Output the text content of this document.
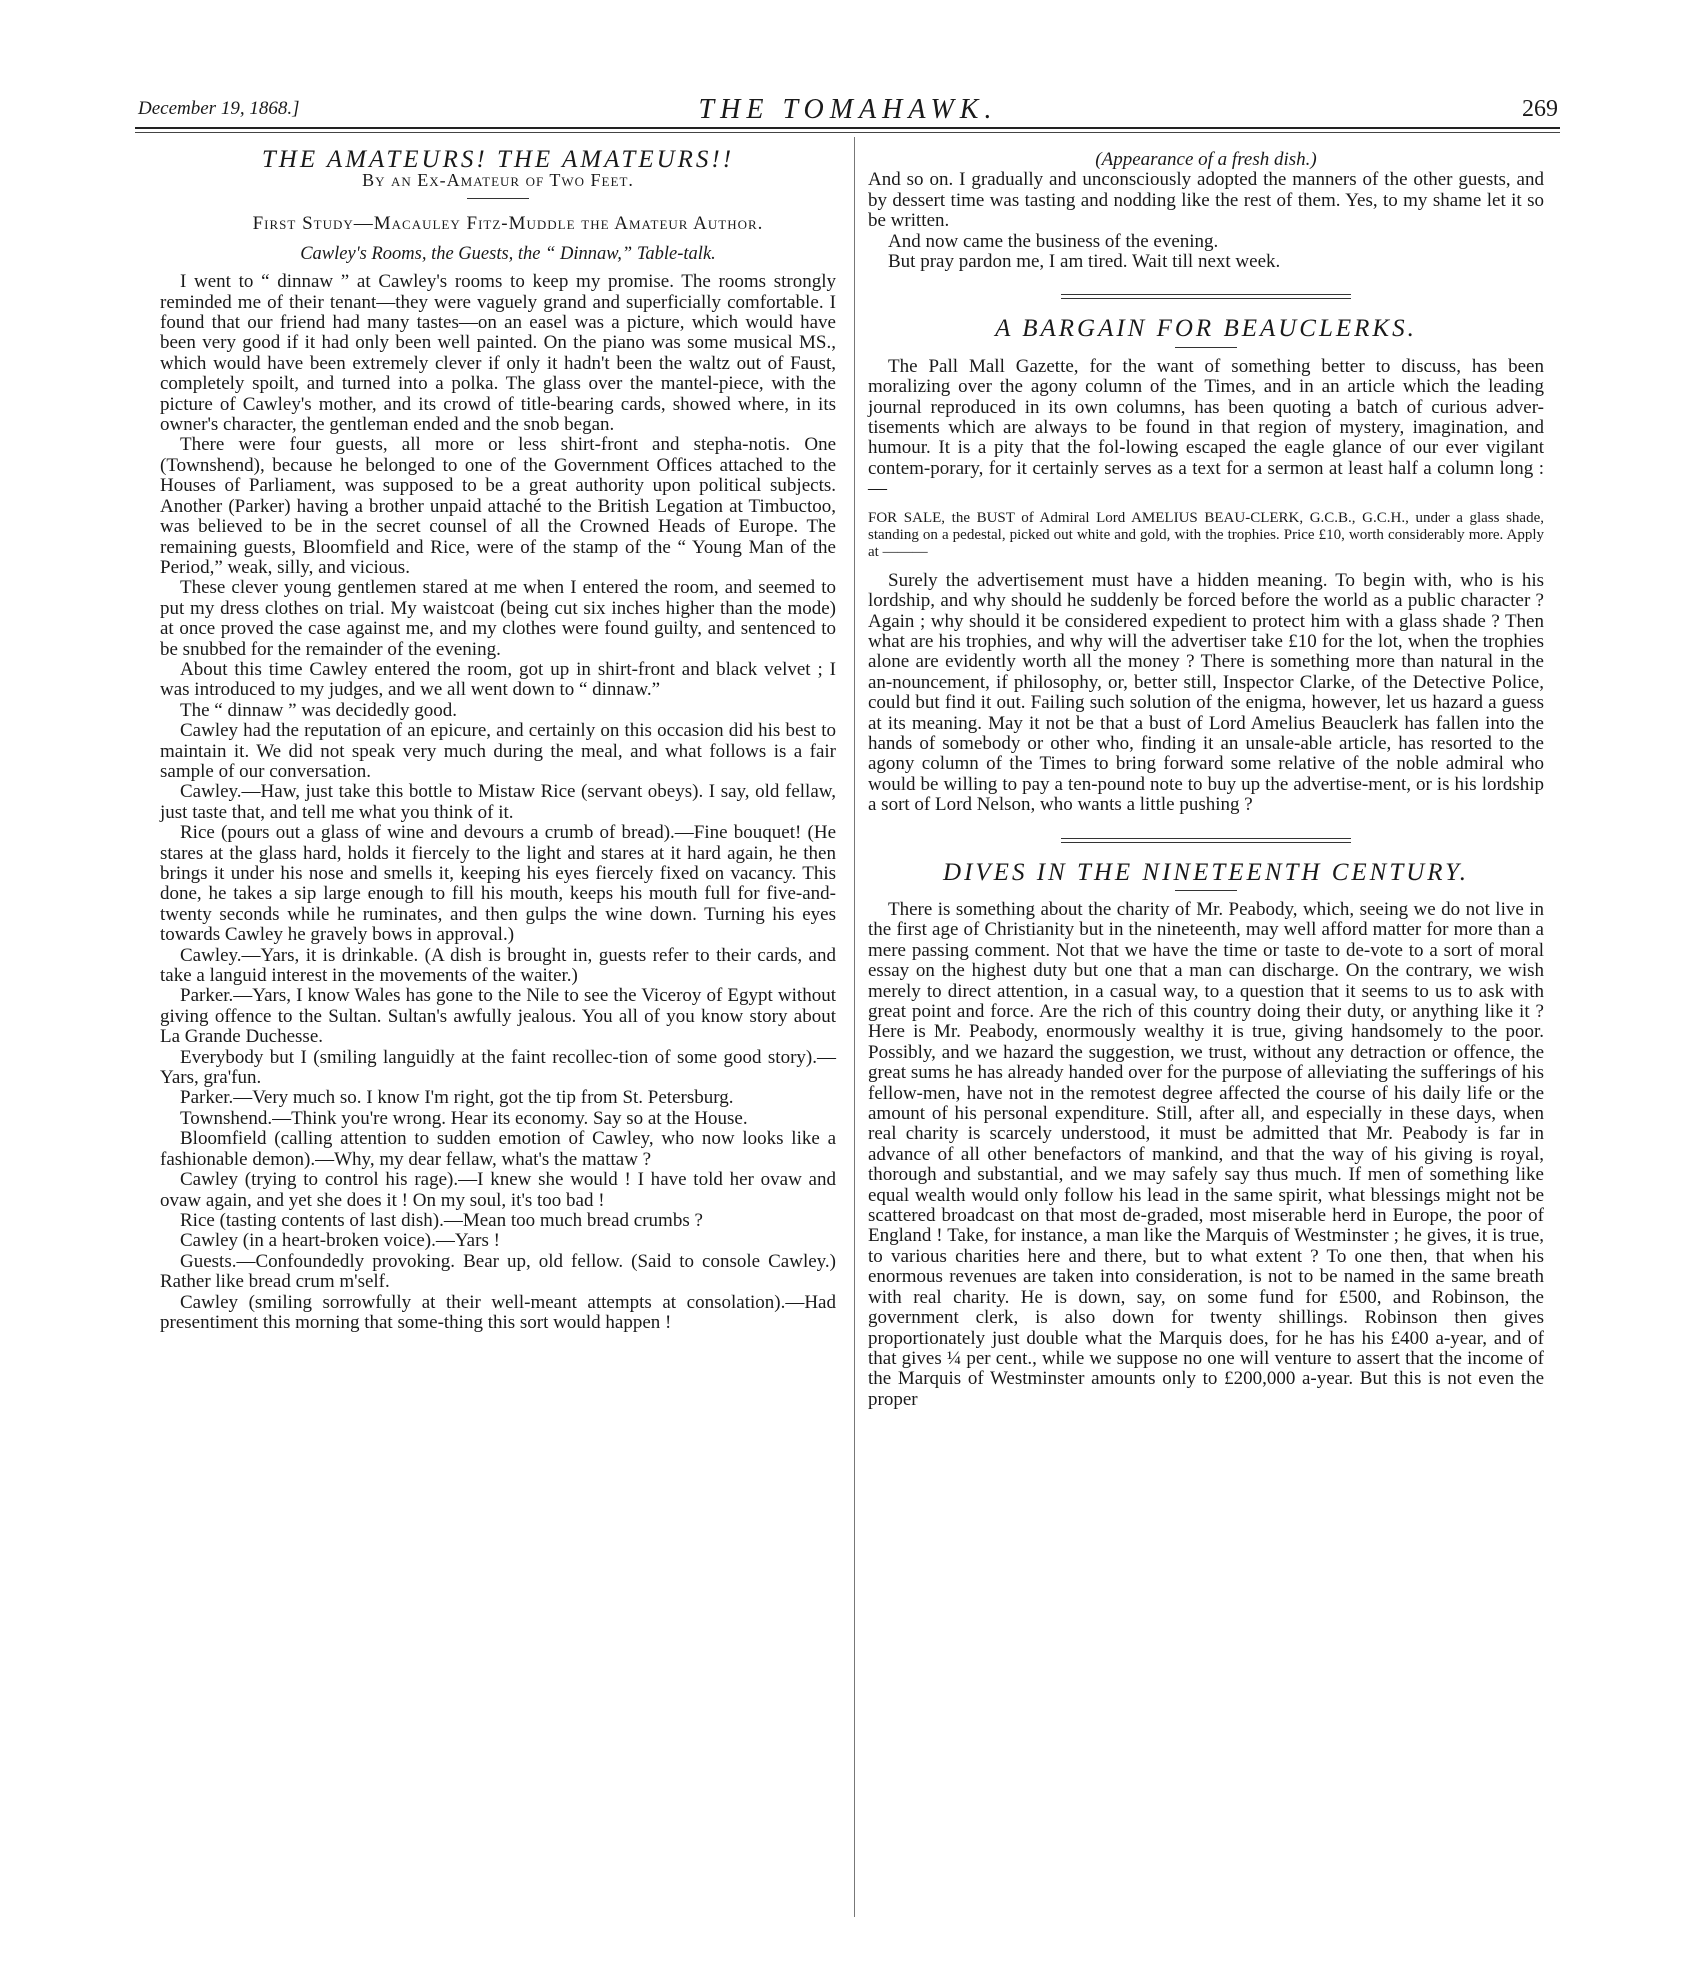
December 19, 1868.]	THE TOMAHAWK.	269

THE AMATEURS! THE AMATEURS!!

By an Ex-Amateur of Two Feet.

First Study—Macauley Fitz-Muddle the Amateur Author.

Cawley's Rooms, the Guests, the “ Dinnaw,” Table-talk.

I went to “ dinnaw ” at Cawley's rooms to keep my promise. The rooms strongly reminded me of their tenant—they were vaguely grand and superficially comfortable. I found that our friend had many tastes—on an easel was a picture, which would have been very good if it had only been well painted. On the piano was some musical MS., which would have been extremely clever if only it hadn't been the waltz out of Faust, completely spoilt, and turned into a polka. The glass over the mantel-piece, with the picture of Cawley's mother, and its crowd of title-bearing cards, showed where, in its owner's character, the gentleman ended and the snob began.

There were four guests, all more or less shirt-front and stepha-notis. One (Townshend), because he belonged to one of the Government Offices attached to the Houses of Parliament, was supposed to be a great authority upon political subjects. Another (Parker) having a brother unpaid attaché to the British Legation at Timbuctoo, was believed to be in the secret counsel of all the Crowned Heads of Europe. The remaining guests, Bloomfield and Rice, were of the stamp of the “ Young Man of the Period,” weak, silly, and vicious.

These clever young gentlemen stared at me when I entered the room, and seemed to put my dress clothes on trial. My waistcoat (being cut six inches higher than the mode) at once proved the case against me, and my clothes were found guilty, and sentenced to be snubbed for the remainder of the evening.

About this time Cawley entered the room, got up in shirt-front and black velvet ; I was introduced to my judges, and we all went down to “ dinnaw.”

The “ dinnaw ” was decidedly good.

Cawley had the reputation of an epicure, and certainly on this occasion did his best to maintain it. We did not speak very much during the meal, and what follows is a fair sample of our conversation.

Cawley.—Haw, just take this bottle to Mistaw Rice (servant obeys). I say, old fellaw, just taste that, and tell me what you think of it.

Rice (pours out a glass of wine and devours a crumb of bread).—Fine bouquet! (He stares at the glass hard, holds it fiercely to the light and stares at it hard again, he then brings it under his nose and smells it, keeping his eyes fiercely fixed on vacancy. This done, he takes a sip large enough to fill his mouth, keeps his mouth full for five-and-twenty seconds while he ruminates, and then gulps the wine down. Turning his eyes towards Cawley he gravely bows in approval.)

Cawley.—Yars, it is drinkable. (A dish is brought in, guests refer to their cards, and take a languid interest in the movements of the waiter.)

Parker.—Yars, I know Wales has gone to the Nile to see the Viceroy of Egypt without giving offence to the Sultan. Sultan's awfully jealous. You all of you know story about La Grande Duchesse.

Everybody but I (smiling languidly at the faint recollec-tion of some good story).—Yars, gra'fun.

Parker.—Very much so. I know I'm right, got the tip from St. Petersburg.

Townshend.—Think you're wrong. Hear its economy. Say so at the House.

Bloomfield (calling attention to sudden emotion of Cawley, who now looks like a fashionable demon).—Why, my dear fellaw, what's the mattaw ?

Cawley (trying to control his rage).—I knew she would ! I have told her ovaw and ovaw again, and yet she does it ! On my soul, it's too bad !

Rice (tasting contents of last dish).—Mean too much bread crumbs ?

Cawley (in a heart-broken voice).—Yars !

Guests.—Confoundedly provoking. Bear up, old fellow. (Said to console Cawley.) Rather like bread crum m'self.

Cawley (smiling sorrowfully at their well-meant attempts at consolation).—Had presentiment this morning that some-thing this sort would happen !

(Appearance of a fresh dish.)

And so on. I gradually and unconsciously adopted the manners of the other guests, and by dessert time was tasting and nodding like the rest of them. Yes, to my shame let it so be written.

And now came the business of the evening.

But pray pardon me, I am tired. Wait till next week.

A BARGAIN FOR BEAUCLERKS.

The Pall Mall Gazette, for the want of something better to discuss, has been moralizing over the agony column of the Times, and in an article which the leading journal reproduced in its own columns, has been quoting a batch of curious adver-tisements which are always to be found in that region of mystery, imagination, and humour. It is a pity that the fol-lowing escaped the eagle glance of our ever vigilant contem-porary, for it certainly serves as a text for a sermon at least half a column long :—

FOR SALE, the BUST of Admiral Lord AMELIUS BEAU-CLERK, G.C.B., G.C.H., under a glass shade, standing on a pedestal, picked out white and gold, with the trophies. Price £10, worth considerably more. Apply at ———

Surely the advertisement must have a hidden meaning. To begin with, who is his lordship, and why should he suddenly be forced before the world as a public character ? Again ; why should it be considered expedient to protect him with a glass shade ? Then what are his trophies, and why will the advertiser take £10 for the lot, when the trophies alone are evidently worth all the money ? There is something more than natural in the an-nouncement, if philosophy, or, better still, Inspector Clarke, of the Detective Police, could but find it out. Failing such solution of the enigma, however, let us hazard a guess at its meaning. May it not be that a bust of Lord Amelius Beauclerk has fallen into the hands of somebody or other who, finding it an unsale-able article, has resorted to the agony column of the Times to bring forward some relative of the noble admiral who would be willing to pay a ten-pound note to buy up the advertise-ment, or is his lordship a sort of Lord Nelson, who wants a little pushing ?

DIVES IN THE NINETEENTH CENTURY.

There is something about the charity of Mr. Peabody, which, seeing we do not live in the first age of Christianity but in the nineteenth, may well afford matter for more than a mere passing comment. Not that we have the time or taste to de-vote to a sort of moral essay on the highest duty but one that a man can discharge. On the contrary, we wish merely to direct attention, in a casual way, to a question that it seems to us to ask with great point and force. Are the rich of this country doing their duty, or anything like it ? Here is Mr. Peabody, enormously wealthy it is true, giving handsomely to the poor. Possibly, and we hazard the suggestion, we trust, without any detraction or offence, the great sums he has already handed over for the purpose of alleviating the sufferings of his fellow-men, have not in the remotest degree affected the course of his daily life or the amount of his personal expenditure. Still, after all, and especially in these days, when real charity is scarcely understood, it must be admitted that Mr. Peabody is far in advance of all other benefactors of mankind, and that the way of his giving is royal, thorough and substantial, and we may safely say thus much. If men of something like equal wealth would only follow his lead in the same spirit, what blessings might not be scattered broadcast on that most de-graded, most miserable herd in Europe, the poor of England ! Take, for instance, a man like the Marquis of Westminster ; he gives, it is true, to various charities here and there, but to what extent ? To one then, that when his enormous revenues are taken into consideration, is not to be named in the same breath with real charity. He is down, say, on some fund for £500, and Robinson, the government clerk, is also down for twenty shillings. Robinson then gives proportionately just double what the Marquis does, for he has his £400 a-year, and of that gives ¼ per cent., while we suppose no one will venture to assert that the income of the Marquis of Westminster amounts only to £200,000 a-year. But this is not even the proper
